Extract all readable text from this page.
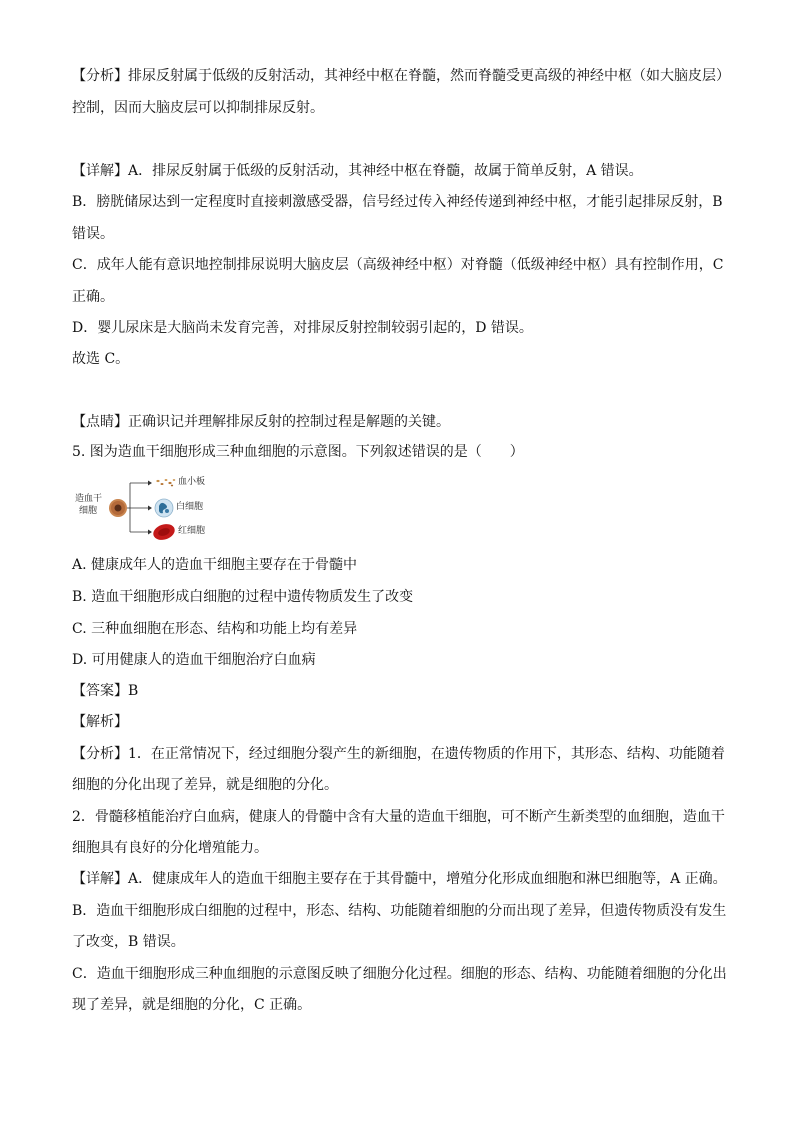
【分析】排尿反射属于低级的反射活动，其神经中枢在脊髓，然而脊髓受更高级的神经中枢（如大脑皮层）
控制，因而大脑皮层可以抑制排尿反射。
【详解】A．排尿反射属于低级的反射活动，其神经中枢在脊髓，故属于简单反射，A 错误。
B．膀胱储尿达到一定程度时直接刺激感受器，信号经过传入神经传递到神经中枢，才能引起排尿反射，B
错误。
C．成年人能有意识地控制排尿说明大脑皮层（高级神经中枢）对脊髓（低级神经中枢）具有控制作用，C
正确。
D．婴儿尿床是大脑尚未发育完善，对排尿反射控制较弱引起的，D 错误。
故选 C。
【点睛】正确识记并理解排尿反射的控制过程是解题的关键。
5. 图为造血干细胞形成三种血细胞的示意图。下列叙述错误的是（　　）
造血干
细胞
血小板
白细胞
红细胞
A. 健康成年人的造血干细胞主要存在于骨髓中
B. 造血干细胞形成白细胞的过程中遗传物质发生了改变
C. 三种血细胞在形态、结构和功能上均有差异
D. 可用健康人的造血干细胞治疗白血病
【答案】B
【解析】
【分析】1．在正常情况下，经过细胞分裂产生的新细胞，在遗传物质的作用下，其形态、结构、功能随着
细胞的分化出现了差异，就是细胞的分化。
2．骨髓移植能治疗白血病，健康人的骨髓中含有大量的造血干细胞，可不断产生新类型的血细胞，造血干
细胞具有良好的分化增殖能力。
【详解】A．健康成年人的造血干细胞主要存在于其骨髓中，增殖分化形成血细胞和淋巴细胞等，A 正确。
B．造血干细胞形成白细胞的过程中，形态、结构、功能随着细胞的分而出现了差异，但遗传物质没有发生
了改变，B 错误。
C．造血干细胞形成三种血细胞的示意图反映了细胞分化过程。细胞的形态、结构、功能随着细胞的分化出
现了差异，就是细胞的分化，C 正确。
